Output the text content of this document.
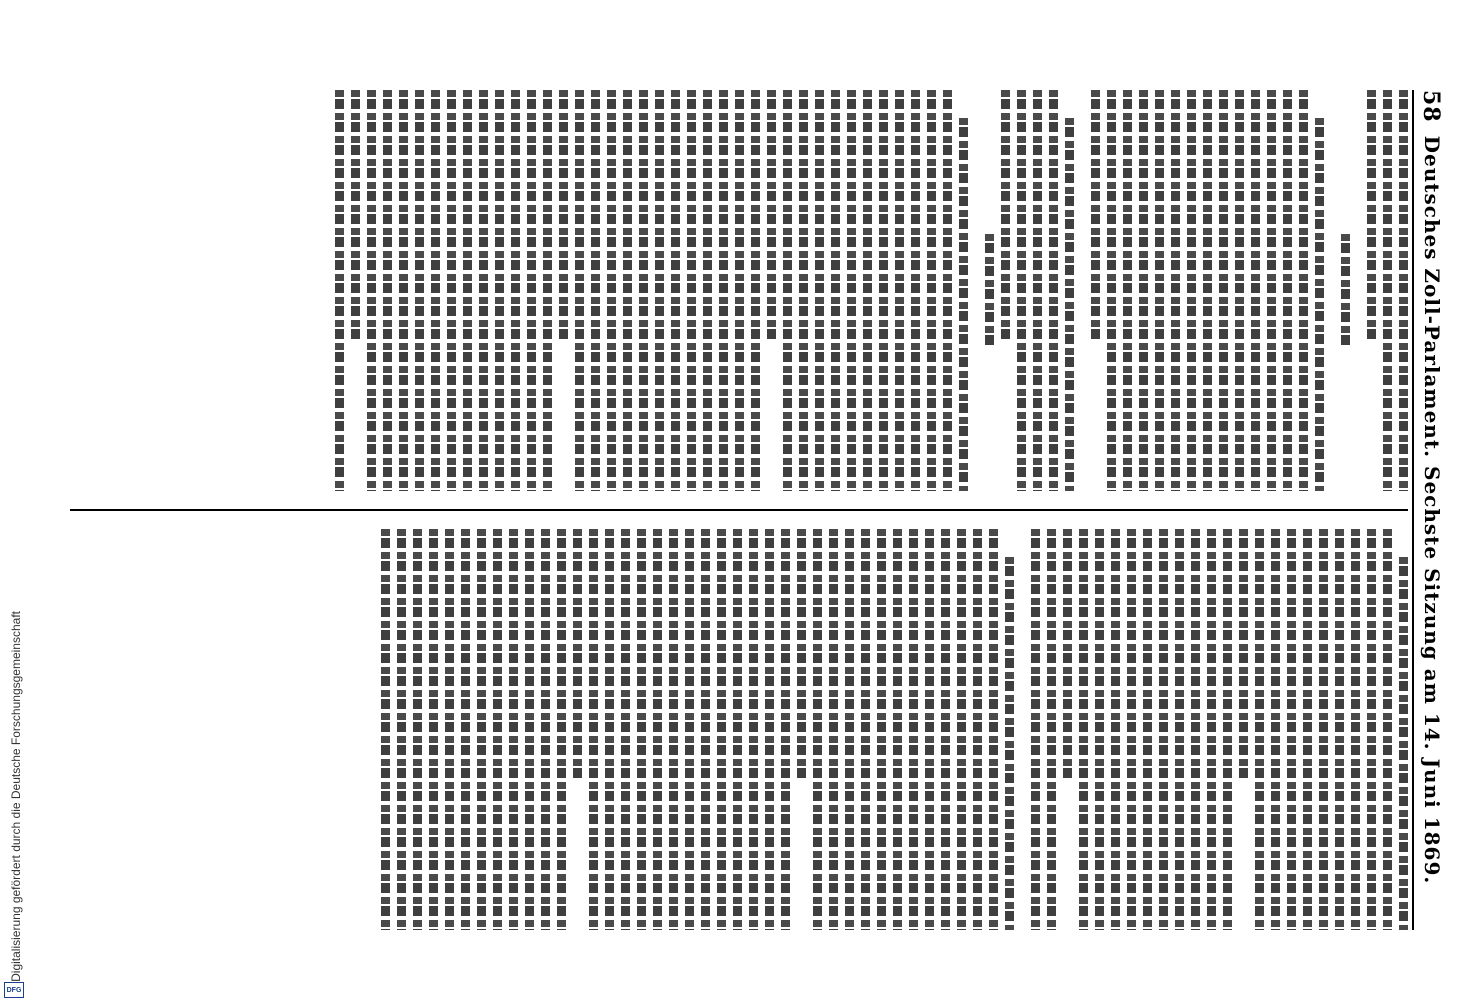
Digitalisierung gefördert durch die Deutsche Forschungsgemeinschaft
DFG
58
Deutsches Zoll-Parlament. Sechste Sitzung am 14. Juni 1869.
